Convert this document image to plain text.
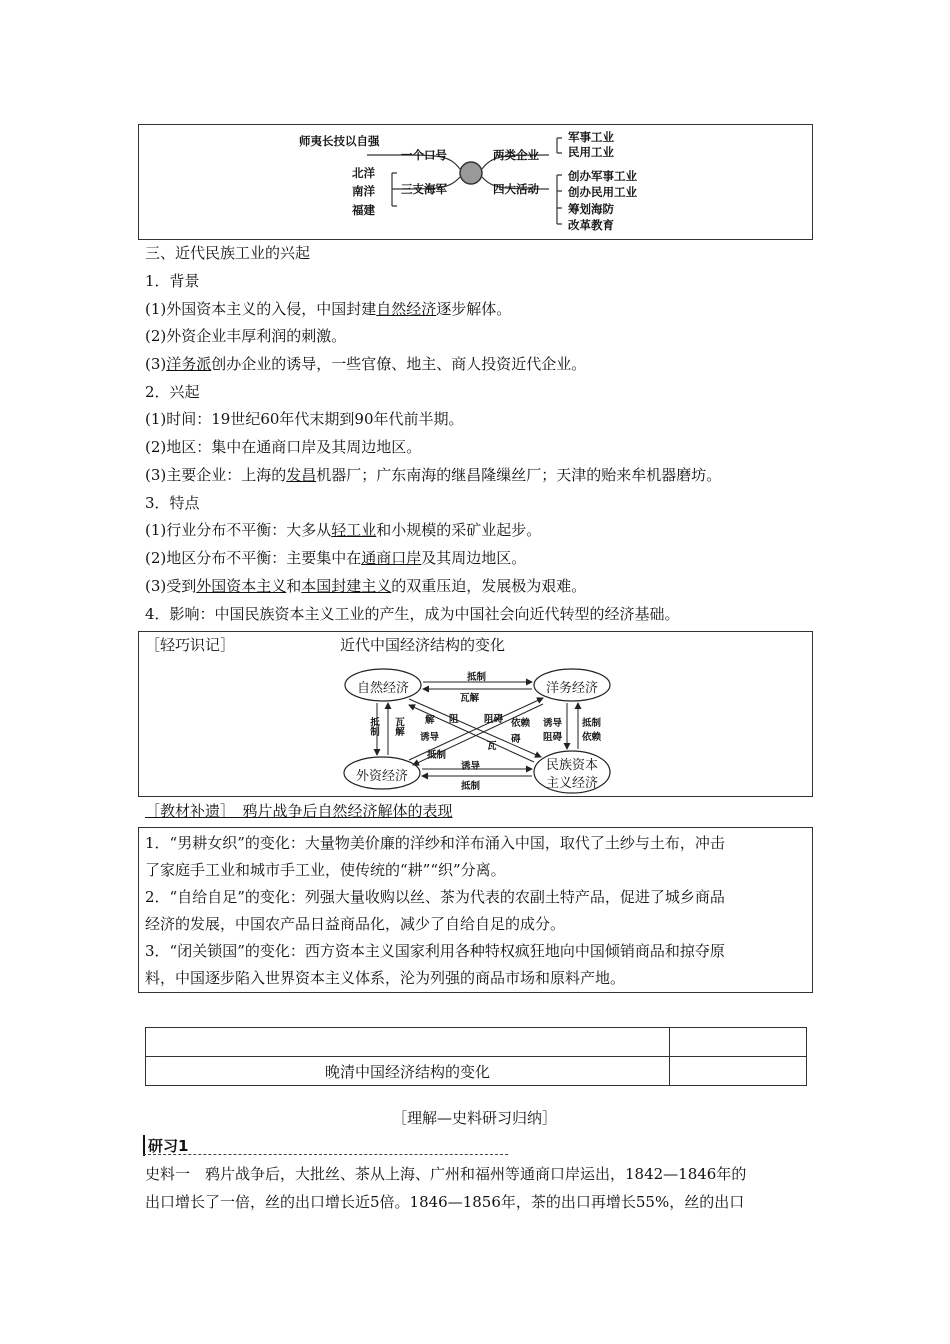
师夷长技以自强
一个口号
北洋
南洋
福建
三支海军
两类企业
军事工业
民用工业
四大活动
创办军事工业
创办民用工业
筹划海防
改革教育
三、近代民族工业的兴起
1．背景
(1)外国资本主义的入侵，中国封建自然经济逐步解体。
(2)外资企业丰厚利润的刺激。
(3)洋务派创办企业的诱导，一些官僚、地主、商人投资近代企业。
2．兴起
(1)时间：19世纪60年代末期到90年代前半期。
(2)地区：集中在通商口岸及其周边地区。
(3)主要企业：上海的发昌机器厂；广东南海的继昌隆缫丝厂；天津的贻来牟机器磨坊。
3．特点
(1)行业分布不平衡：大多从轻工业和小规模的采矿业起步。
(2)地区分布不平衡：主要集中在通商口岸及其周边地区。
(3)受到外国资本主义和本国封建主义的双重压迫，发展极为艰难。
4．影响：中国民族资本主义工业的产生，成为中国社会向近代转型的经济基础。
［轻巧识记］	近代中国经济结构的变化
自然经济	洋务经济
外资经济
民族资本
主义经济
抵制
诱导
抵制
抵制 瓦解	诱导
阻碍
抵制
依赖
瓦解
阻	阻碍 依赖
解
诱导
瓦
碍
抵制
［教材补遗］　鸦片战争后自然经济解体的表现
1．“男耕女织”的变化：大量物美价廉的洋纱和洋布涌入中国，取代了土纱与土布，冲击
了家庭手工业和城市手工业，使传统的“耕”“织”分离。
2．“自给自足”的变化：列强大量收购以丝、茶为代表的农副土特产品，促进了城乡商品
经济的发展，中国农产品日益商品化，减少了自给自足的成分。
3．“闭关锁国”的变化：西方资本主义国家利用各种特权疯狂地向中国倾销商品和掠夺原
料，中国逐步陷入世界资本主义体系，沦为列强的商品市场和原料产地。

晚清中国经济结构的变化	
［理解—史料研习归纳］
研习1
史料一　鸦片战争后，大批丝、茶从上海、广州和福州等通商口岸运出，1842—1846年的
出口增长了一倍，丝的出口增长近5倍。1846—1856年，茶的出口再增长55%，丝的出口
